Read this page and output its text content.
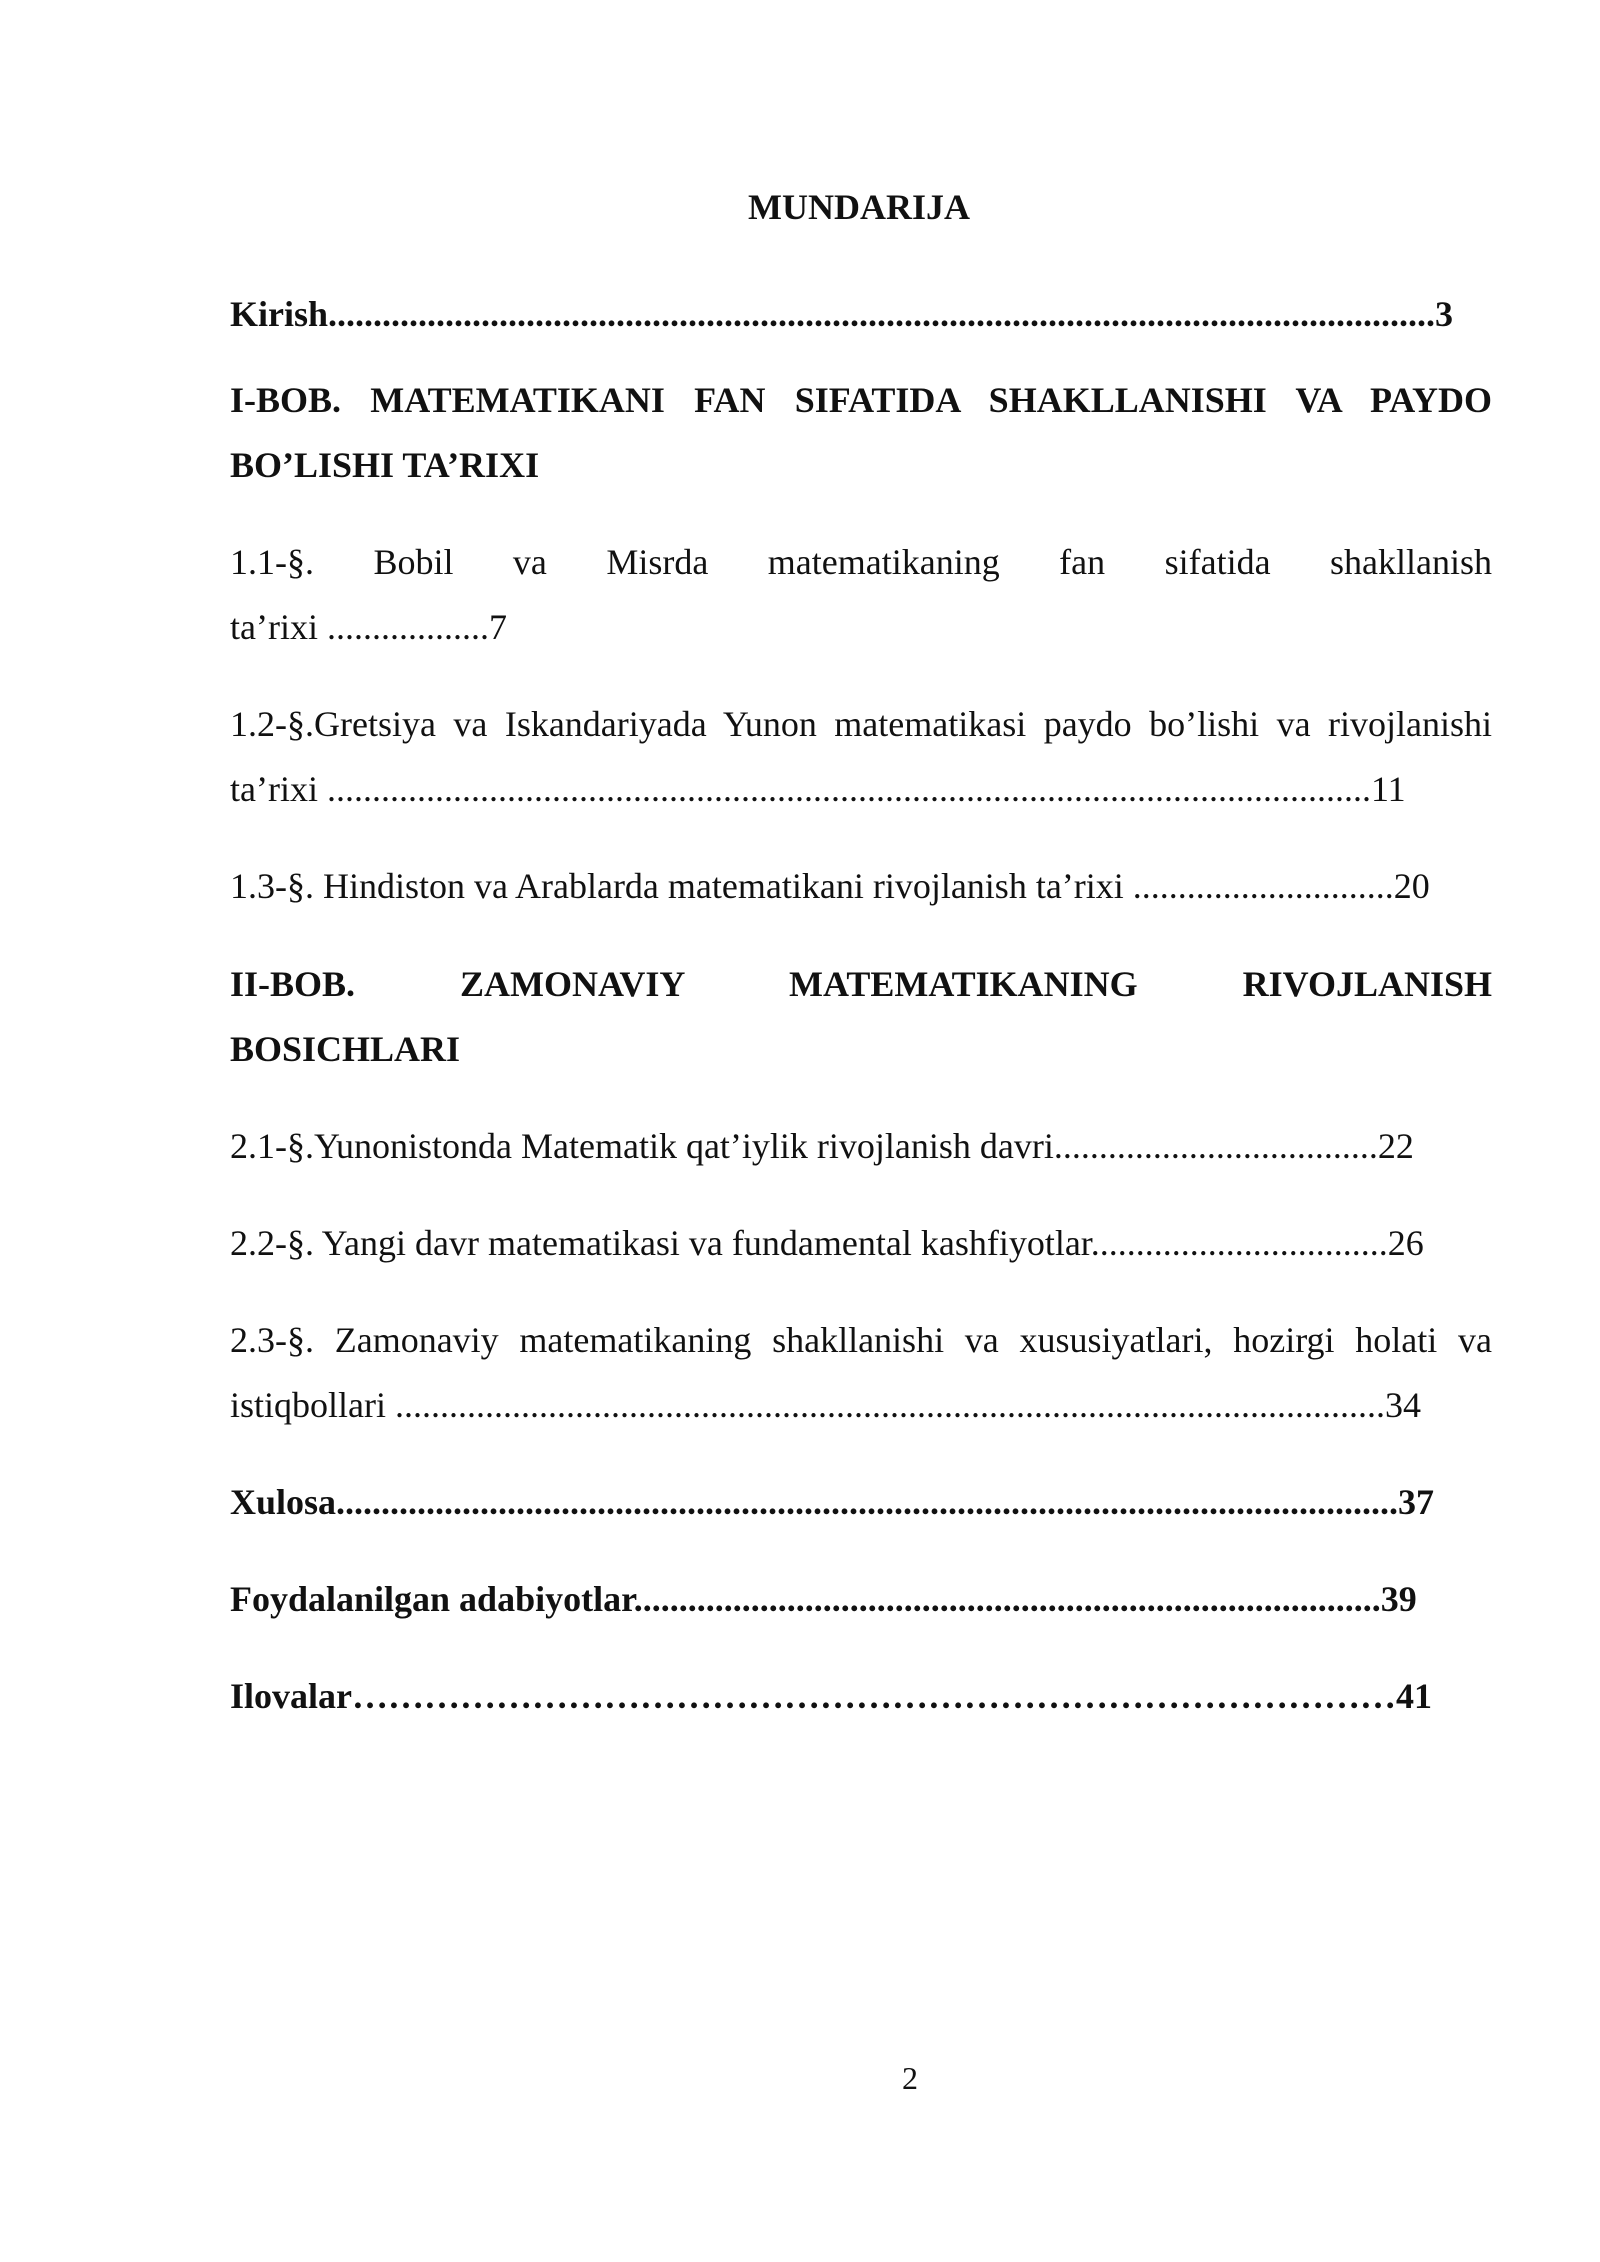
MUNDARIJA

Kirish...........................................................................................................................3

I-BOB. MATEMATIKANI FAN SIFATIDA SHAKLLANISHI VA PAYDO
BO’LISHI TA’RIXI

1.1-§. Bobil va Misrda matematikaning fan sifatida shakllanish
ta’rixi ..................7

1.2-§.Gretsiya va Iskandariyada Yunon matematikasi paydo bo’lishi va rivojlanishi
ta’rixi ....................................................................................................................11

1.3-§. Hindiston va Arablarda matematikani rivojlanish ta’rixi .............................20

II-BOB. ZAMONAVIY MATEMATIKANING RIVOJLANISH
BOSICHLARI

2.1-§.Yunonistonda Matematik qat’iylik rivojlanish davri....................................22

2.2-§. Yangi davr matematikasi va fundamental kashfiyotlar.................................26

2.3-§. Zamonaviy matematikaning shakllanishi va xususiyatlari, hozirgi holati va
istiqbollari ..............................................................................................................34

Xulosa......................................................................................................................37

Foydalanilgan adabiyotlar...................................................................................39

Ilovalar……………………………………………………………………………41

2
